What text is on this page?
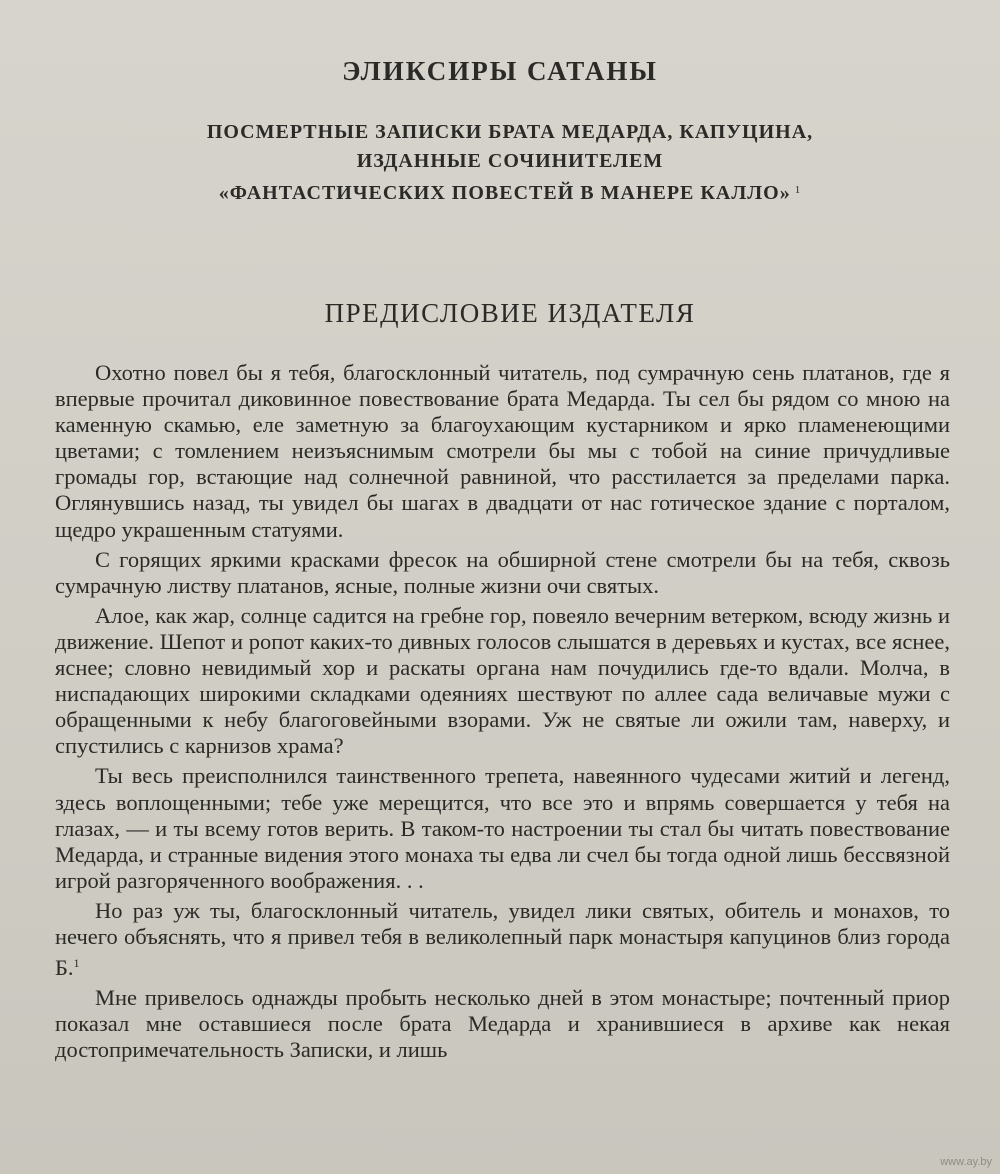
ЭЛИКСИРЫ САТАНЫ
ПОСМЕРТНЫЕ ЗАПИСКИ БРАТА МЕДАРДА, КАПУЦИНА,
ИЗДАННЫЕ СОЧИНИТЕЛЕМ
«ФАНТАСТИЧЕСКИХ ПОВЕСТЕЙ В МАНЕРЕ КАЛЛО» $^1$
ПРЕДИСЛОВИЕ ИЗДАТЕЛЯ

Охотно повел бы я тебя, благосклонный читатель, под сумрачную сень платанов, где я впервые прочитал диковинное повествование брата Медарда. Ты сел бы рядом со мною на каменную скамью, еле заметную за благоухающим кустарником и ярко пламенеющими цветами; с томлением неизъяснимым смотрели бы мы с тобой на синие причудливые громады гор, встающие над солнечной равниной, что расстилается за пределами парка. Оглянувшись назад, ты увидел бы шагах в двадцати от нас готическое здание с порталом, щедро украшенным статуями.

С горящих яркими красками фресок на обширной стене смотрели бы на тебя, сквозь сумрачную листву платанов, ясные, полные жизни очи святых.

Алое, как жар, солнце садится на гребне гор, повеяло вечерним ветерком, всюду жизнь и движение. Шепот и ропот каких-то дивных голосов слышатся в деревьях и кустах, все яснее, яснее; словно невидимый хор и раскаты органа нам почудились где-то вдали. Молча, в ниспадающих широкими складками одеяниях шествуют по аллее сада величавые мужи с обращенными к небу благоговейными взорами. Уж не святые ли ожили там, наверху, и спустились с карнизов храма?

Ты весь преисполнился таинственного трепета, навеянного чудесами житий и легенд, здесь воплощенными; тебе уже мерещится, что все это и впрямь совершается у тебя на глазах, — и ты всему готов верить. В таком-то настроении ты стал бы читать повествование Медарда, и странные видения этого монаха ты едва ли счел бы тогда одной лишь бессвязной игрой разгоряченного воображения. . .

Но раз уж ты, благосклонный читатель, увидел лики святых, обитель и монахов, то нечего объяснять, что я привел тебя в великолепный парк монастыря капуцинов близ города Б.$^1$

Мне привелось однажды пробыть несколько дней в этом монастыре; почтенный приор показал мне оставшиеся после брата Медарда и хранившиеся в архиве как некая достопримечательность Записки, и лишь

www.ay.by
